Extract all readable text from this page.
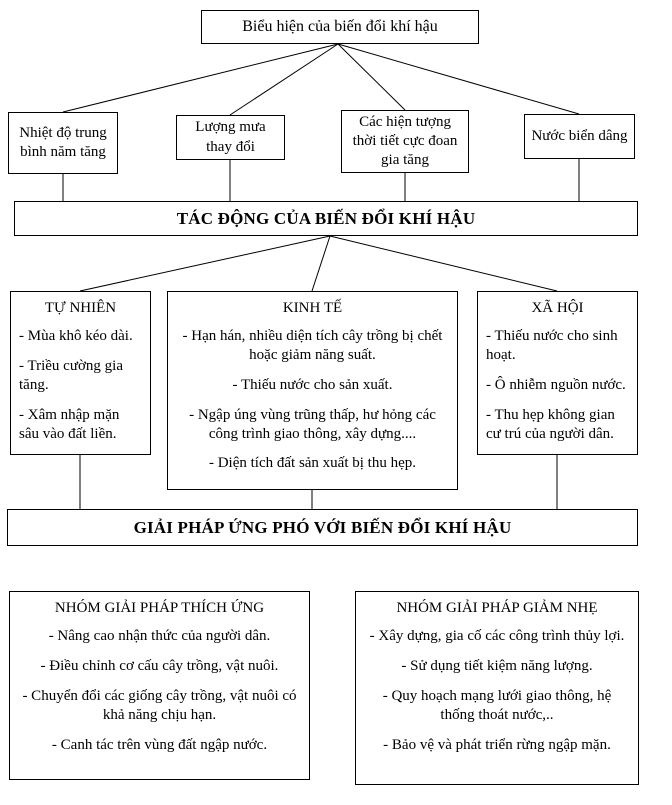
Biểu hiện của biến đổi khí hậu
Nhiệt độ trung bình năm tăng
Lượng mưa thay đổi
Các hiện tượng thời tiết cực đoan gia tăng
Nước biển dâng
TÁC ĐỘNG CỦA BIẾN ĐỔI KHÍ HẬU
TỰ NHIÊN
- Mùa khô kéo dài.
- Triều cường gia tăng.
- Xâm nhập mặn sâu vào đất liền.
KINH TẾ
- Hạn hán, nhiều diện tích cây trồng bị chết hoặc giảm năng suất.
- Thiếu nước cho sản xuất.
- Ngập úng vùng trũng thấp, hư hỏng các công trình giao thông, xây dựng....
- Diện tích đất sản xuất bị thu hẹp.
XÃ HỘI
- Thiếu nước cho sinh hoạt.
- Ô nhiễm nguồn nước.
- Thu hẹp không gian cư trú của người dân.
GIẢI PHÁP ỨNG PHÓ VỚI BIẾN ĐỔI KHÍ HẬU
NHÓM GIẢI PHÁP THÍCH ỨNG
- Nâng cao nhận thức của người dân.
- Điều chỉnh cơ cấu cây trồng, vật nuôi.
- Chuyển đổi các giống cây trồng, vật nuôi có khả năng chịu hạn.
- Canh tác trên vùng đất ngập nước.
NHÓM GIẢI PHÁP GIẢM NHẸ
- Xây dựng, gia cố các công trình thủy lợi.
- Sử dụng tiết kiệm năng lượng.
- Quy hoạch mạng lưới giao thông, hệ thống thoát nước,..
- Bảo vệ và phát triển rừng ngập mặn.
